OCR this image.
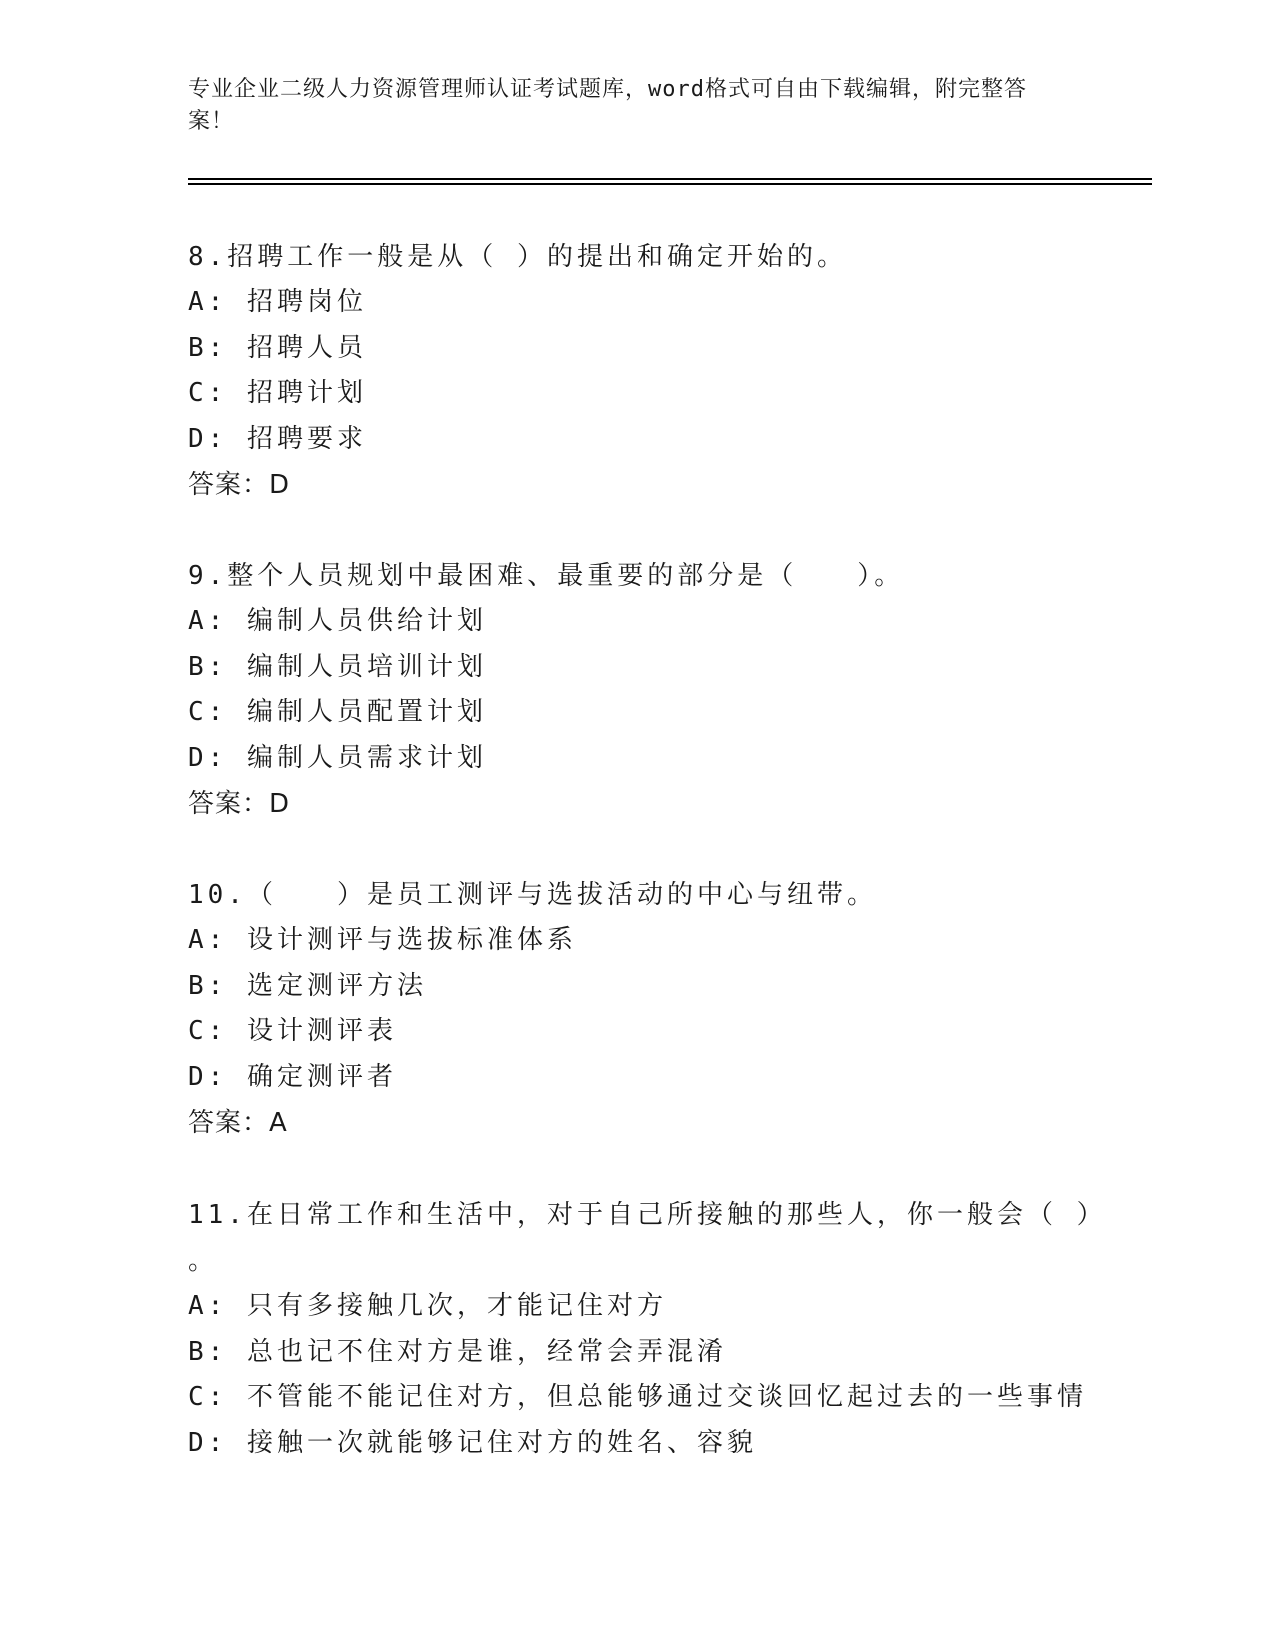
专业企业二级人力资源管理师认证考试题库，word格式可自由下载编辑，附完整答案！

8.招聘工作一般是从（ ）的提出和确定开始的。

A: 招聘岗位

B: 招聘人员

C: 招聘计划

D: 招聘要求

答案：D

9.整个人员规划中最困难、最重要的部分是（　　）。

A: 编制人员供给计划

B: 编制人员培训计划

C: 编制人员配置计划

D: 编制人员需求计划

答案：D

10.（　　）是员工测评与选拔活动的中心与纽带。

A: 设计测评与选拔标准体系

B: 选定测评方法

C: 设计测评表

D: 确定测评者

答案：A

11.在日常工作和生活中，对于自己所接触的那些人，你一般会（ ）

。

A: 只有多接触几次，才能记住对方

B: 总也记不住对方是谁，经常会弄混淆

C: 不管能不能记住对方，但总能够通过交谈回忆起过去的一些事情

D: 接触一次就能够记住对方的姓名、容貌
